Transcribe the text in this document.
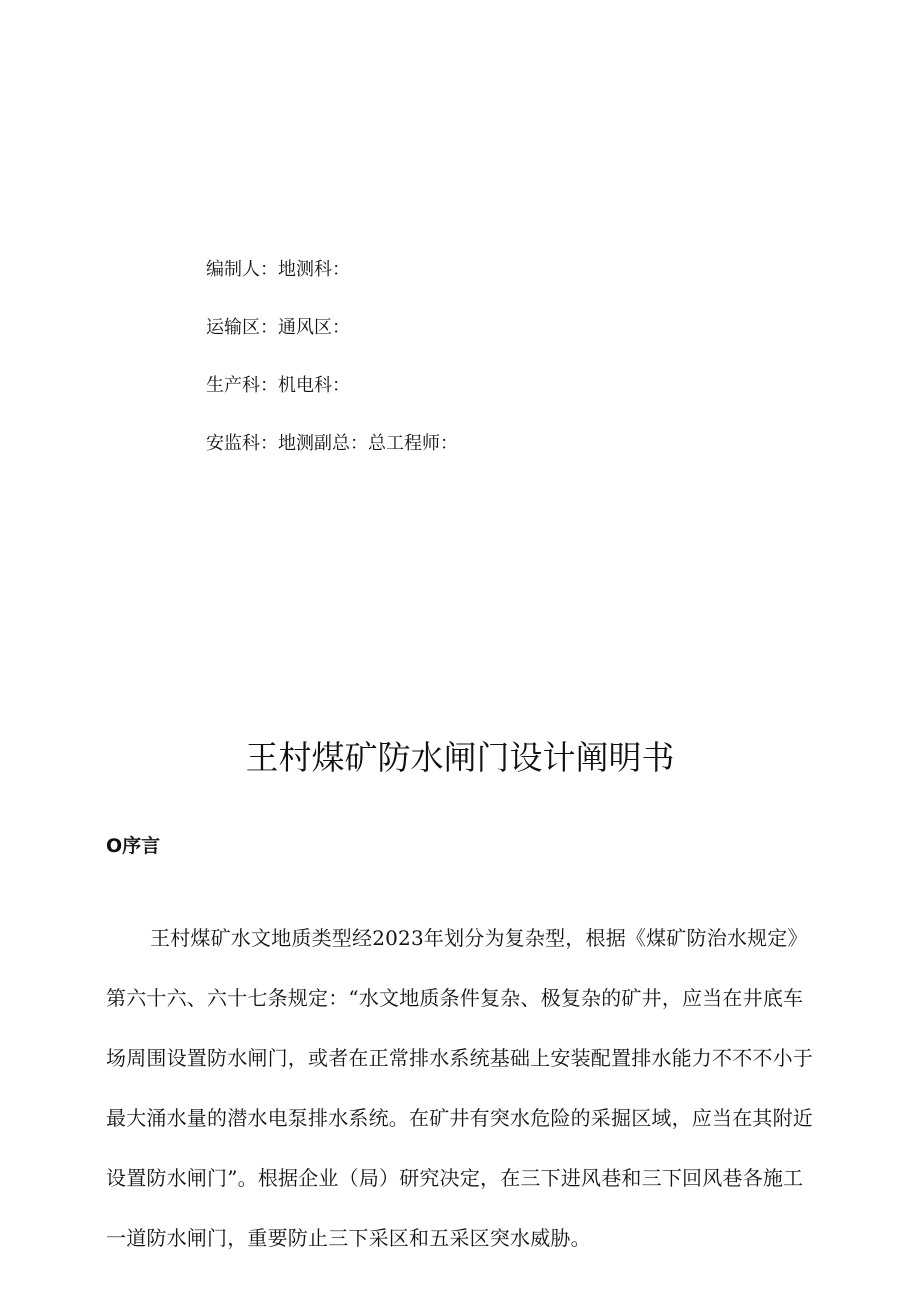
编制人：地测科：
运输区：通风区：
生产科：机电科：
安监科：地测副总：总工程师：
王村煤矿防水闸门设计阐明书
O序言
王村煤矿水文地质类型经2023年划分为复杂型，根据《煤矿防治水规定》
第六十六、六十七条规定：“水文地质条件复杂、极复杂的矿井，应当在井底车
场周围设置防水闸门，或者在正常排水系统基础上安装配置排水能力不不不小于
最大涌水量的潜水电泵排水系统。在矿井有突水危险的采掘区域，应当在其附近
设置防水闸门”。根据企业（局）研究决定，在三下进风巷和三下回风巷各施工
一道防水闸门，重要防止三下采区和五采区突水威胁。
